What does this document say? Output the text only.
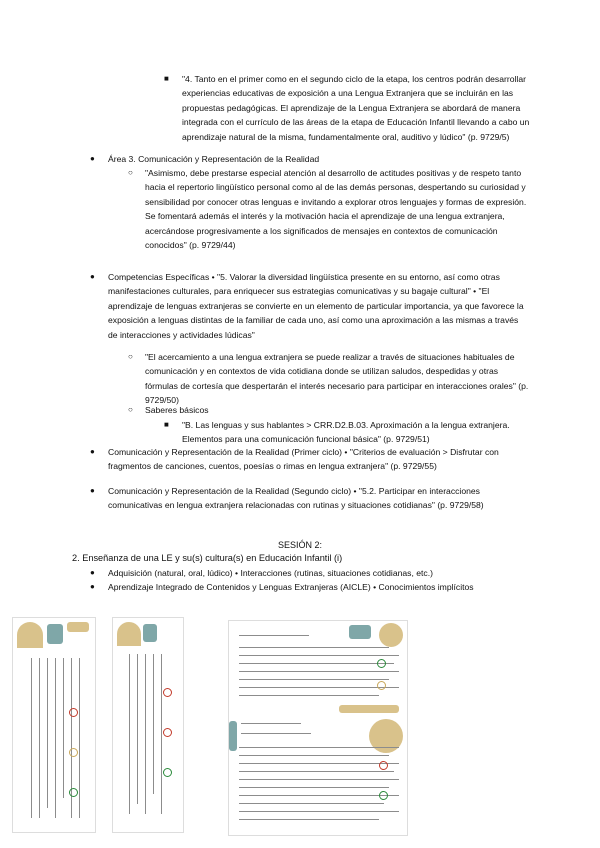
■ "4. Tanto en el primer como en el segundo ciclo de la etapa, los centros podrán desarrollar experiencias educativas de exposición a una Lengua Extranjera que se incluirán en las propuestas pedagógicas. El aprendizaje de la Lengua Extranjera se abordará de manera integrada con el currículo de las áreas de la etapa de Educación Infantil llevando a cabo un aprendizaje natural de la misma, fundamentalmente oral, auditivo y lúdico" (p. 9729/5)
● Área 3. Comunicación y Representación de la Realidad
○ "Asimismo, debe prestarse especial atención al desarrollo de actitudes positivas y de respeto tanto hacia el repertorio lingüístico personal como al de las demás personas, despertando su curiosidad y sensibilidad por conocer otras lenguas e invitando a explorar otros lenguajes y formas de expresión. Se fomentará además el interés y la motivación hacia el aprendizaje de una lengua extranjera, acercándose progresivamente a los significados de mensajes en contextos de comunicación conocidos" (p. 9729/44)
● Competencias Específicas • "5. Valorar la diversidad lingüística presente en su entorno, así como otras manifestaciones culturales, para enriquecer sus estrategias comunicativas y su bagaje cultural" • "El aprendizaje de lenguas extranjeras se convierte en un elemento de particular importancia, ya que favorece la exposición a lenguas distintas de la familiar de cada uno, así como una aproximación a las mismas a través de interacciones y actividades lúdicas"
○ "El acercamiento a una lengua extranjera se puede realizar a través de situaciones habituales de comunicación y en contextos de vida cotidiana donde se utilizan saludos, despedidas y otras fórmulas de cortesía que despertarán el interés necesario para participar en interacciones orales" (p. 9729/50)
○ Saberes básicos
■ "B. Las lenguas y sus hablantes > CRR.D2.B.03. Aproximación a la lengua extranjera. Elementos para una comunicación funcional básica" (p. 9729/51)
● Comunicación y Representación de la Realidad (Primer ciclo) • "Criterios de evaluación > Disfrutar con fragmentos de canciones, cuentos, poesías o rimas en lengua extranjera" (p. 9729/55)
● Comunicación y Representación de la Realidad (Segundo ciclo) • "5.2. Participar en interacciones comunicativas en lengua extranjera relacionadas con rutinas y situaciones cotidianas" (p. 9729/58)
SESIÓN 2:
2. Enseñanza de una LE y su(s) cultura(s) en Educación Infantil (i)
● Adquisición (natural, oral, lúdico) • Interacciones (rutinas, situaciones cotidianas, etc.)
● Aprendizaje Integrado de Contenidos y Lenguas Extranjeras (AICLE) • Conocimientos implícitos
